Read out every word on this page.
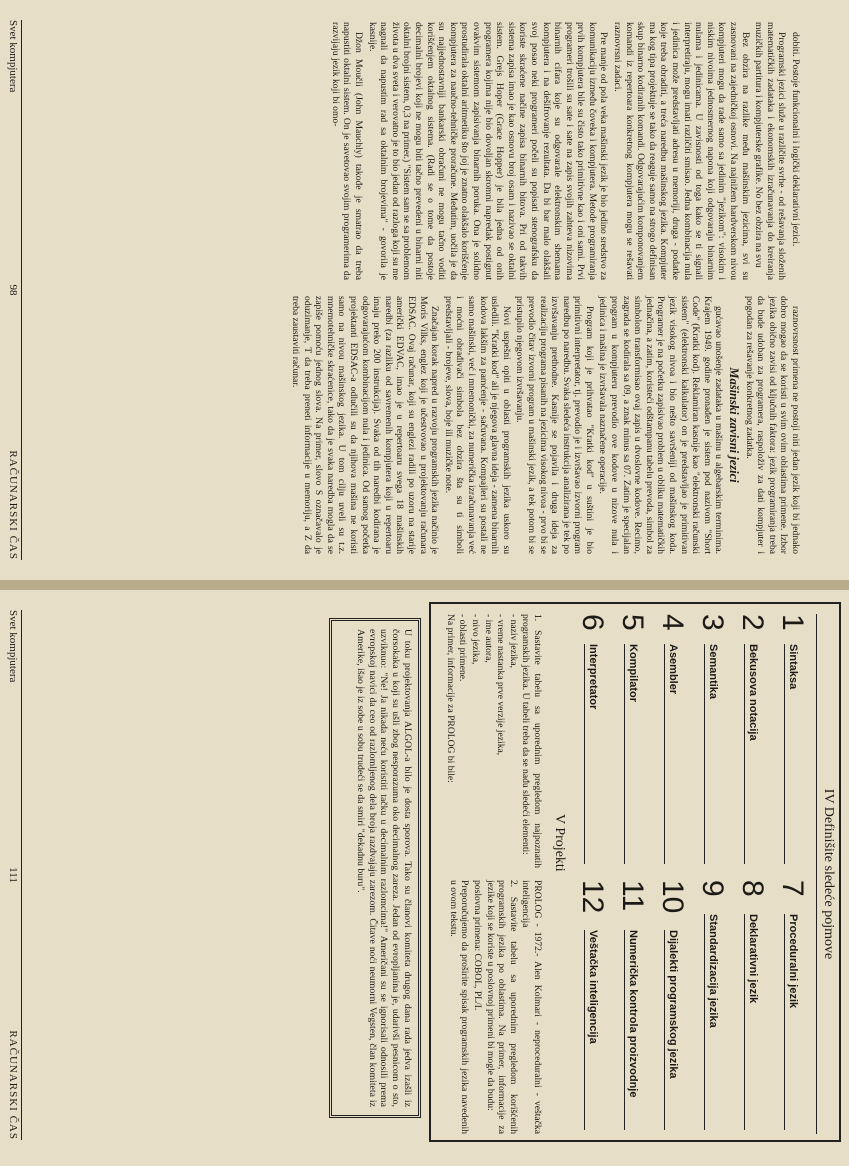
dobiti. Postoje funkcionalni i logički deklarativni jezici.

Programski jezici služe u različite svrhe - od rešavanja složenih matematičkih zadataka i ekonomskih izračunavanja do kreiranja muzičkih partitura i kompjuterske grafike. No bez obzira na svu

Bez obzira na razlike među mašinskim jezicima, svi su zasnovani na zajedničkoj osnovi. Na najnižem hardverskom nivou kompjuteri mogu da rade samo sa jedinim "jezikom": visokim i niskim nivoima jednosmernog napona koji odgovaraju binarnim nulama i jedinicama. U zavisnosti od toga kako se ti signali interpretiraju, mogu imati različiti smisao. Jedna kombinacija nula i jedinica može predstavljati adresu u memoriji, druga - podatke koje treba obraditi, a treća naredbu mašinskog jezika. Kompjuter ma kog tipa projektuje se tako da reaguje samo na strogo definisan skup binarno kodiranih komandi. Odgovarajućim komponovanjem komandi iz repertoara konkretnog kompjutera mogu se rešavati raznovrsni zadaci.

Pre manje od pola veka mašinski jezik je bio jedino sredstvo za komunikaciju između čoveka i kompjutera. Metode programiranja prvih kompjutera bile su čisto tako primitivne kao i oni sami. Prvi programeri trošili su sate i sate na zapis svojih zahteva nizovima binarnih cifara koje su odgovarale elektronskim shemama kompjutera i na dešifrovanje rezultata. Da bi bar malo olakšali svoj posao neki programeri počeli su popisati stenografsku da koriste skraćene načine zapisa binarnih bitova. Pri od takvih sistema zapisa imao je kao osnovu broj osam i nazivao se oktalni sistem. Grejs Hoper (Grace Hopper) je bila jedna od onih programera kojima nije bio dovoljan skromni napredak postignut ovakvim sistemom zapisivanja binarnih poruka. Ona je solidno prostudirala oktalni aritmetiku što joj je znatno olakšalo korišćenje kompjutera za naučno-tehničke proračune. Međutim, uočila je da su najjednostavniji bankarski obračuni ne mogu tačno voditi korišćenjem oktalnog sistema. (Radi se o tome da postoje decimalni brojevi koji ne mogu biti tačno prevedeni u binarni niti oktalni brojni sistem, 0,3 na primer.) "Sistem sam se sa problemom života u dva sveta i verovatno je to bio jedan od razloga koji su me nagnali da napustim rad sa oktalnim brojevima" - govorila je kasnije.

Džon Moučli (John Mauchly) takođe je smatrao da treba napustiti oktalni sistem. On je savetovao svojim programerima da razvijaju jezik koji bi omo-

raznovrsnost primena ne postoji niti jedan jezik koji bi jednako dobro mogao da se koristi u svim ovim oblastima primene. Izbor jezika obično zavisi od ključnih faktora: jezik programiranja treba da bude udoban za programera, raspoloživ za dati kompjuter i pogodan za rešavanje konkretnog zadatka.

Mašinski zavisni jezici

gućavao unošenje zadataka u mašinu u algebarskim terminima. Krajem 1949. godine pronađen je sistem pod nazivom "Short Code" (Kratki kod). Reklamiran kasnije kao "elektronski računski sistem" (elektronski kalkulator) on je predstavljao je primitivan jezik visokog nivoa i bio nešto savršeniji od mašinskog koda. Programer je na početku zapisivao problem u obliku matematičkih jednačina, a zatim, koristeći odštampanu tabelu prevoda, simbol za simbolom transformisao ovaj zapis u dvoslovne kodove. Recimo, zagrada se kodirala sa 09, a znak minus sa 07. Zatim je specijalan program u kompjuteru prevodio ove kodove u nizove nula i jedinica i mašina je izvršavala naznačene operacije.

Program koji je prihvatao "Kratki kod" u suštini je bio primitivni interpretator, tj. prevodio je i izvršavao izvorni program naredbu po naredbu. Svaka sledeća instrukcija analizirana je tek po izvršavanju prethodne. Kasnije se pojavila i druga ideja za realizaciju programa pisanih na jezicima visokog nivoa - prvo bi se prevodio čitav izvorni program u mašinski jezik, a tek potom bi se pristupilo njegovom izvršavanju.

Novi uspešni opiti u oblasti programskih jezika uskoro su usledili. "Kratki kod" ali je njegova glavna ideja - zamena binarnih kodova lakšim za pamćenje - sačuvana. Kompajleri su postali ne samo mašinski, već i mnemonički, za numerička izračunavanja već i moćni obrađivači simbola bez obzira šta su ti simboli predstavljali - brojeve, slova, boje ili muzičke note.

Značajan korak napred u razvoju programskih jezika načinio je Moris Vilks, englez koji je učestvovao u projektovanju računara EDSAC. Ovaj računar, koji su englezi radili po uzoru na starije američki EDVAC, imao je u repertoaru svega 18 mašinskih naredbi (za razliku od savremenih kompjutera koji u repertoaru imaju preko 200 instrukcija). Svaka od tih naredbi kodirana je odgovarajućom kombinacijom nula i jedinica. Od samog početka projektanti EDSAC-a odlučili su da njihova mašina ne koristi samo na nivou mašinskog jezika. U tom cilju uveli su t.z. mnemotehničke skraćenice, tako da je svaka naredba mogla da se zapiše pomoću jednog slova. Na primer, slovo S označavalo je oduzimanje, T da treba preneti informacije u memoriju, a Z da treba zaustaviti računar.

Svet kompjutera
98
RAČUNARSKI ČAS
IV Definišite sledeće pojmove
1
Sintaksa
2
Bekusova notacija
3
Semantika
4
Asembler
5
Kompilator
6
Interpretator
7
Proceduralni jezik
8
Deklarativni jezik
9
Standardizacija jezika
10
Dijalekti programskog jezika
11
Numerička kontrola proizvodnje
12
Veštačka inteligencija
V Projekti

1. Sastavite tabelu sa uporednim pregledom najpoznatih programskih jezika. U tabeli treba da se nađu sledeći elementi:

- naziv jezika,

- vreme nastanka prve verzije jezika,

- ime autora,

- nivo jezika,

- oblasti primene.

Na primer, informacije za PROLOG bi bile:

PROLOG - 1972.- Alen Kolmari - neproceduralni - veštačka inteligencija

2. Sastavite tabelu sa uporednim pregledom korišćenih programskih jezika po oblastima. Na primer, informacije za jezike koji se koriste u poslovnoj primeni bi mogle da budu:

poslovna primena: COBOL, PL/I.

Preporučujemo da proširite spisak programskih jezika navedenih u ovom tekstu.

U toku projektovanja ALGOL-a bilo je dosta sporova. Tako su članovi komiteta drugog dana rada jedva izašli iz čorsokaka u koji su ušli zbog nesporazuma oko decimalnog zareza. Jedan od evropljanina je, udarivši pesnicom o sto, uzviknuo: "Ne! Ja nikada neću koristiti tačku u decimalnim razlomcima!" Američani su se ignorisali odnosili prema evropskoj navici da ceo od razlomljenog dela broja razdvajaju zarezom. Čitave noći neumorni Vegsten, član komiteta iz Amerike, išao je iz sobe u sobu trudeći se da smiri "dekadnu buru".
Svet kompjutera
111
RAČUNARSKI ČAS
